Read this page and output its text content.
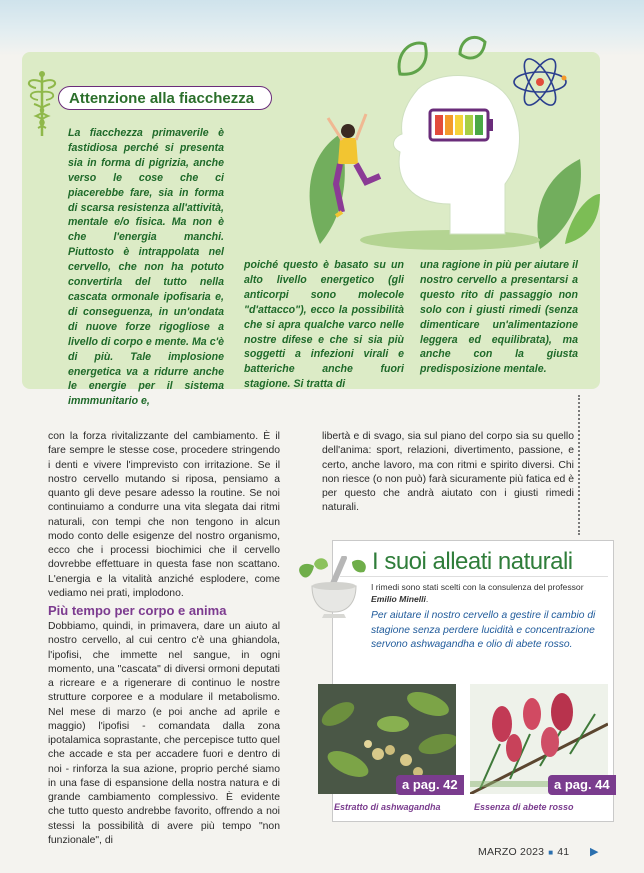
Attenzione alla fiacchezza
La fiacchezza primaverile è fastidiosa perché si presenta sia in forma di pigrizia, anche verso le cose che ci piacerebbe fare, sia in forma di scarsa resistenza all'attività, mentale e/o fisica. Ma non è che l'energia manchi. Piuttosto è intrappolata nel cervello, che non ha potuto convertirla del tutto nella cascata ormonale ipofisaria e, di conseguenza, in un'ondata di nuove forze rigogliose a livello di corpo e mente. Ma c'è di più. Tale implosione energetica va a ridurre anche le energie per il sistema immmunitario e,
poiché questo è basato su un alto livello energetico (gli anticorpi sono molecole "d'attacco"), ecco la possibilità che si apra qualche varco nelle nostre difese e che si sia più soggetti a infezioni virali e batteriche anche fuori stagione. Si tratta di
una ragione in più per aiutare il nostro cervello a presentarsi a questo rito di passaggio non solo con i giusti rimedi (senza dimenticare un'alimentazione leggera ed equilibrata), ma anche con la giusta predisposizione mentale.
con la forza rivitalizzante del cambiamento. È il fare sempre le stesse cose, procedere stringendo i denti e vivere l'imprevisto con irritazione. Se il nostro cervello mutando si riposa, pensiamo a quanto gli deve pesare adesso la routine. Se noi continuiamo a condurre una vita slegata dai ritmi naturali, con tempi che non tengono in alcun modo conto delle esigenze del nostro organismo, ecco che i processi biochimici che il cervello dovrebbe effettuare in questa fase non scattano. L'energia e la vitalità anziché esplodere, come vediamo nei prati, implodono.
Più tempo per corpo e anima
Dobbiamo, quindi, in primavera, dare un aiuto al nostro cervello, al cui centro c'è una ghiandola, l'ipofisi, che immette nel sangue, in ogni momento, una "cascata" di diversi ormoni deputati a ricreare e a rigenerare di continuo le nostre strutture corporee e a modulare il metabolismo. Nel mese di marzo (e poi anche ad aprile e maggio) l'ipofisi - comandata dalla zona ipotalamica soprastante, che percepisce tutto quel che accade e sta per accadere fuori e dentro di noi - rinforza la sua azione, proprio perché siamo in una fase di espansione della nostra natura e di grande cambiamento complessivo. È evidente che tutto questo andrebbe favorito, offrendo a noi stessi la possibilità di avere più tempo "non funzionale", di
libertà e di svago, sia sul piano del corpo sia su quello dell'anima: sport, relazioni, divertimento, passione, e certo, anche lavoro, ma con ritmi e spirito diversi. Chi non riesce (o non può) farà sicuramente più fatica ed è per questo che andrà aiutato con i giusti rimedi naturali.
I suoi alleati naturali
I rimedi sono stati scelti con la consulenza del professor Emilio Minelli.
Per aiutare il nostro cervello a gestire il cambio di stagione senza perdere lucidità e concentrazione servono ashwagandha e olio di abete rosso.
a pag. 42
Estratto di ashwagandha
a pag. 44
Essenza di abete rosso
MARZO 2023 ■ 41 ▶
